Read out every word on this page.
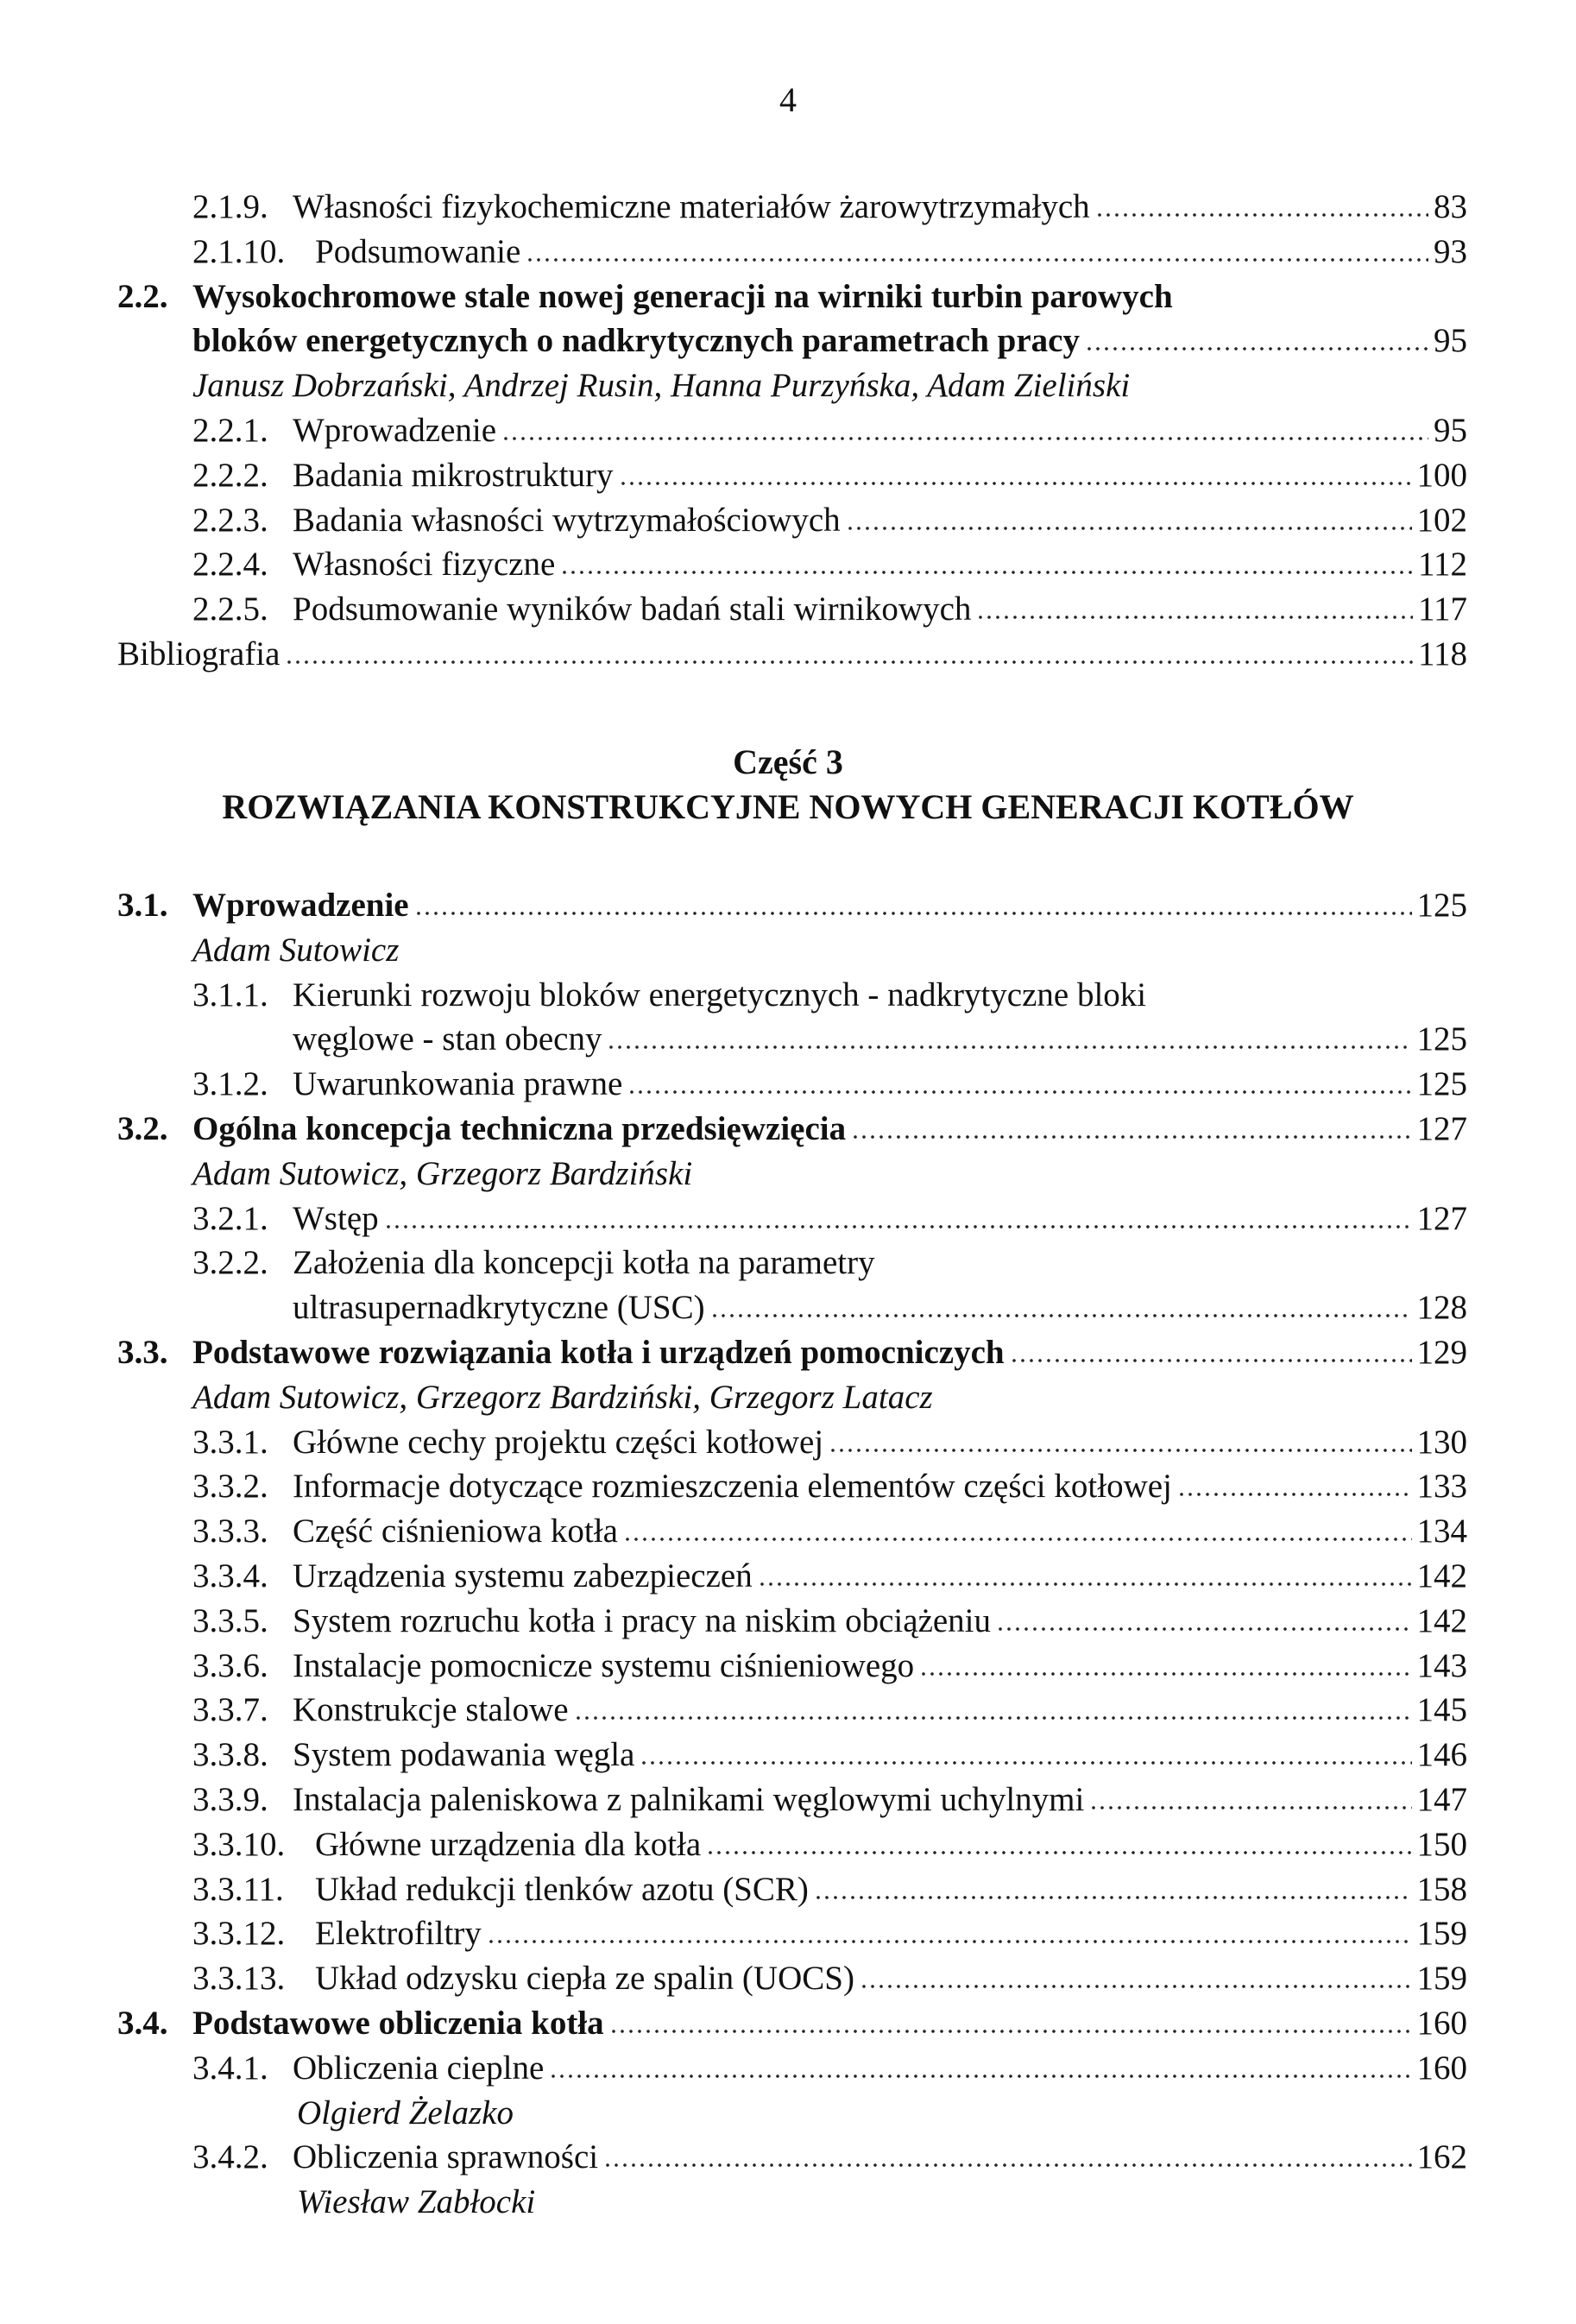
4
2.1.9. Własności fizykochemiczne materiałów żarowytrzymałych	83
2.1.10. Podsumowanie	93
2.2. Wysokochromowe stale nowej generacji na wirniki turbin parowych
bloków energetycznych o nadkrytycznych parametrach pracy	95
Janusz Dobrzański, Andrzej Rusin, Hanna Purzyńska, Adam Zieliński
2.2.1. Wprowadzenie	95
2.2.2. Badania mikrostruktury	100
2.2.3. Badania własności wytrzymałościowych	102
2.2.4. Własności fizyczne	112
2.2.5. Podsumowanie wyników badań stali wirnikowych	117
Bibliografia	118
Część 3
ROZWIĄZANIA KONSTRUKCYJNE NOWYCH GENERACJI KOTŁÓW
3.1. Wprowadzenie	125
Adam Sutowicz
3.1.1. Kierunki rozwoju bloków energetycznych - nadkrytyczne bloki
węglowe - stan obecny	125
3.1.2. Uwarunkowania prawne	125
3.2. Ogólna koncepcja techniczna przedsięwzięcia	127
Adam Sutowicz, Grzegorz Bardziński
3.2.1. Wstęp	127
3.2.2. Założenia dla koncepcji kotła na parametry
ultrasupernadkrytyczne (USC)	128
3.3. Podstawowe rozwiązania kotła i urządzeń pomocniczych	129
Adam Sutowicz, Grzegorz Bardziński, Grzegorz Latacz
3.3.1. Główne cechy projektu części kotłowej	130
3.3.2. Informacje dotyczące rozmieszczenia elementów części kotłowej	133
3.3.3. Część ciśnieniowa kotła	134
3.3.4. Urządzenia systemu zabezpieczeń	142
3.3.5. System rozruchu kotła i pracy na niskim obciążeniu	142
3.3.6. Instalacje pomocnicze systemu ciśnieniowego	143
3.3.7. Konstrukcje stalowe	145
3.3.8. System podawania węgla	146
3.3.9. Instalacja paleniskowa z palnikami węglowymi uchylnymi	147
3.3.10. Główne urządzenia dla kotła	150
3.3.11. Układ redukcji tlenków azotu (SCR)	158
3.3.12. Elektrofiltry	159
3.3.13. Układ odzysku ciepła ze spalin (UOCS)	159
3.4. Podstawowe obliczenia kotła	160
3.4.1. Obliczenia cieplne	160
Olgierd Żelazko
3.4.2. Obliczenia sprawności	162
Wiesław Zabłocki
